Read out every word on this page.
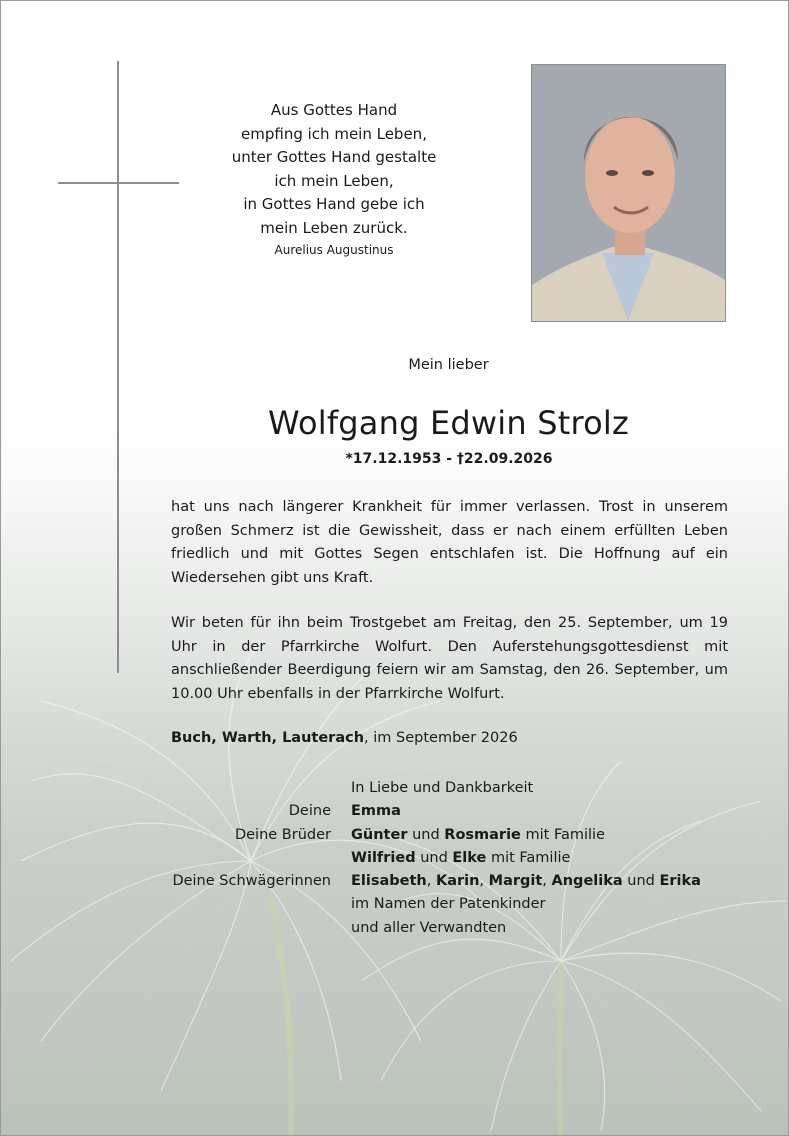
Aus Gottes Hand
empfing ich mein Leben,
unter Gottes Hand gestalte
ich mein Leben,
in Gottes Hand gebe ich
mein Leben zurück.
Aurelius Augustinus
Mein lieber
Wolfgang Edwin Strolz
*17.12.1953 - †22.09.2026
hat uns nach längerer Krankheit für immer verlassen. Trost in unserem großen Schmerz ist die Gewissheit, dass er nach einem erfüllten Leben friedlich und mit Gottes Segen entschlafen ist. Die Hoffnung auf ein Wiedersehen gibt uns Kraft.
Wir beten für ihn beim Trostgebet am Freitag, den 25. September, um 19 Uhr in der Pfarrkirche Wolfurt. Den Auferstehungsgottesdienst mit anschließender Beerdigung feiern wir am Samstag, den 26. September, um 10.00 Uhr ebenfalls in der Pfarrkirche Wolfurt.
Buch, Warth, Lauterach, im September 2026
In Liebe und Dankbarkeit
Deine	Emma
Deine Brüder	Günter und Rosmarie mit Familie
Wilfried und Elke mit Familie
Deine Schwägerinnen	Elisabeth, Karin, Margit, Angelika und Erika
im Namen der Patenkinder
und aller Verwandten
